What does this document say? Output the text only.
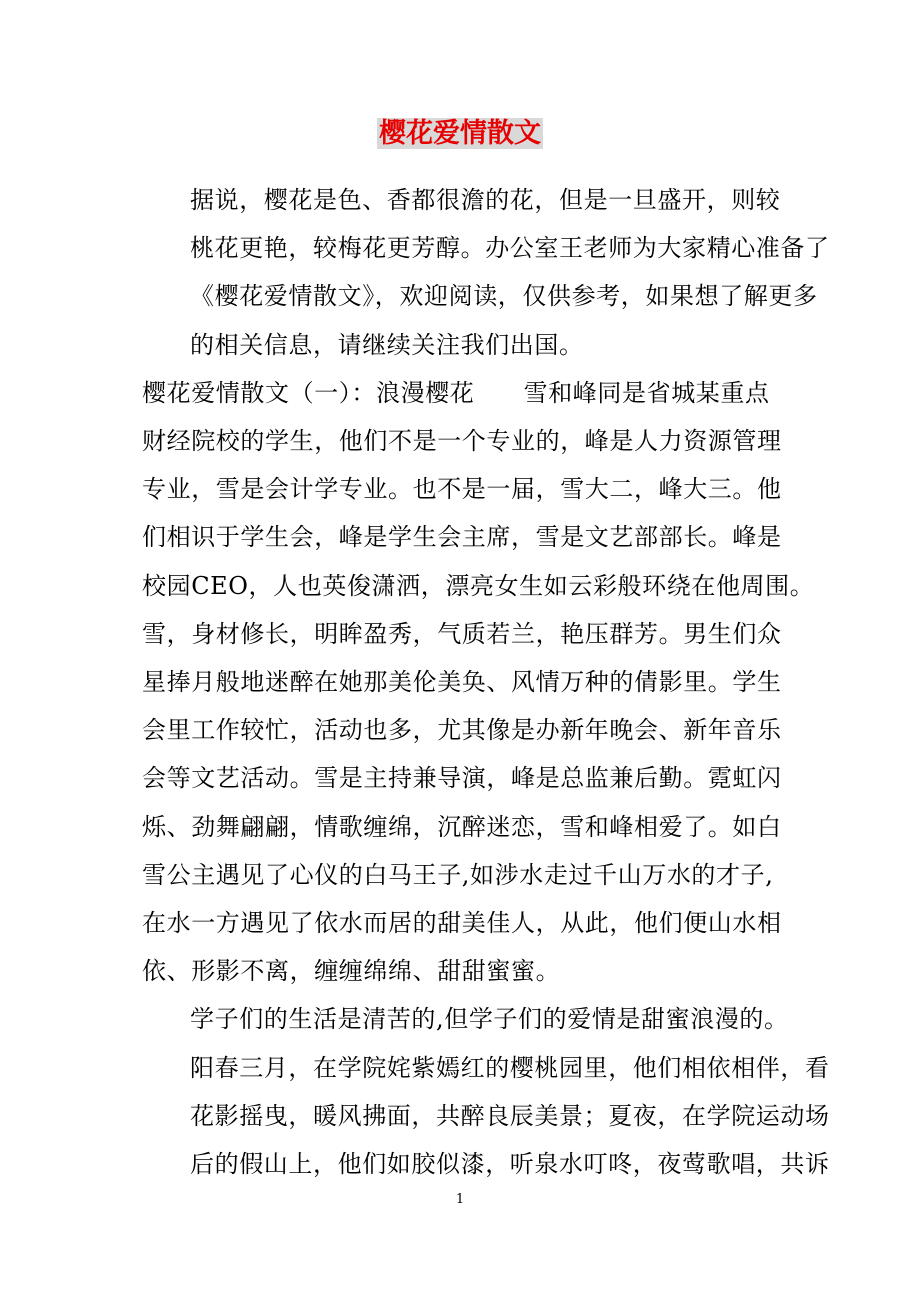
樱花爱情散文

据说，樱花是色、香都很澹的花，但是一旦盛开，则较
桃花更艳，较梅花更芳醇。办公室王老师为大家精心准备了
《樱花爱情散文》，欢迎阅读，仅供参考，如果想了解更多
的相关信息，请继续关注我们出国。

樱花爱情散文（一）：浪漫樱花　　雪和峰同是省城某重点
财经院校的学生，他们不是一个专业的，峰是人力资源管理
专业，雪是会计学专业。也不是一届，雪大二，峰大三。他
们相识于学生会，峰是学生会主席，雪是文艺部部长。峰是
校园CEO，人也英俊潇洒，漂亮女生如云彩般环绕在他周围。
雪，身材修长，明眸盈秀，气质若兰，艳压群芳。男生们众
星捧月般地迷醉在她那美伦美奂、风情万种的倩影里。学生
会里工作较忙，活动也多，尤其像是办新年晚会、新年音乐
会等文艺活动。雪是主持兼导演，峰是总监兼后勤。霓虹闪
烁、劲舞翩翩，情歌缠绵，沉醉迷恋，雪和峰相爱了。如白
雪公主遇见了心仪的白马王子,如涉水走过千山万水的才子,
在水一方遇见了依水而居的甜美佳人，从此，他们便山水相
依、形影不离，缠缠绵绵、甜甜蜜蜜。

学子们的生活是清苦的,但学子们的爱情是甜蜜浪漫的。
阳春三月，在学院姹紫嫣红的樱桃园里，他们相依相伴，看
花影摇曳，暖风拂面，共醉良辰美景；夏夜，在学院运动场
后的假山上，他们如胶似漆，听泉水叮咚，夜莺歌唱，共诉

1
